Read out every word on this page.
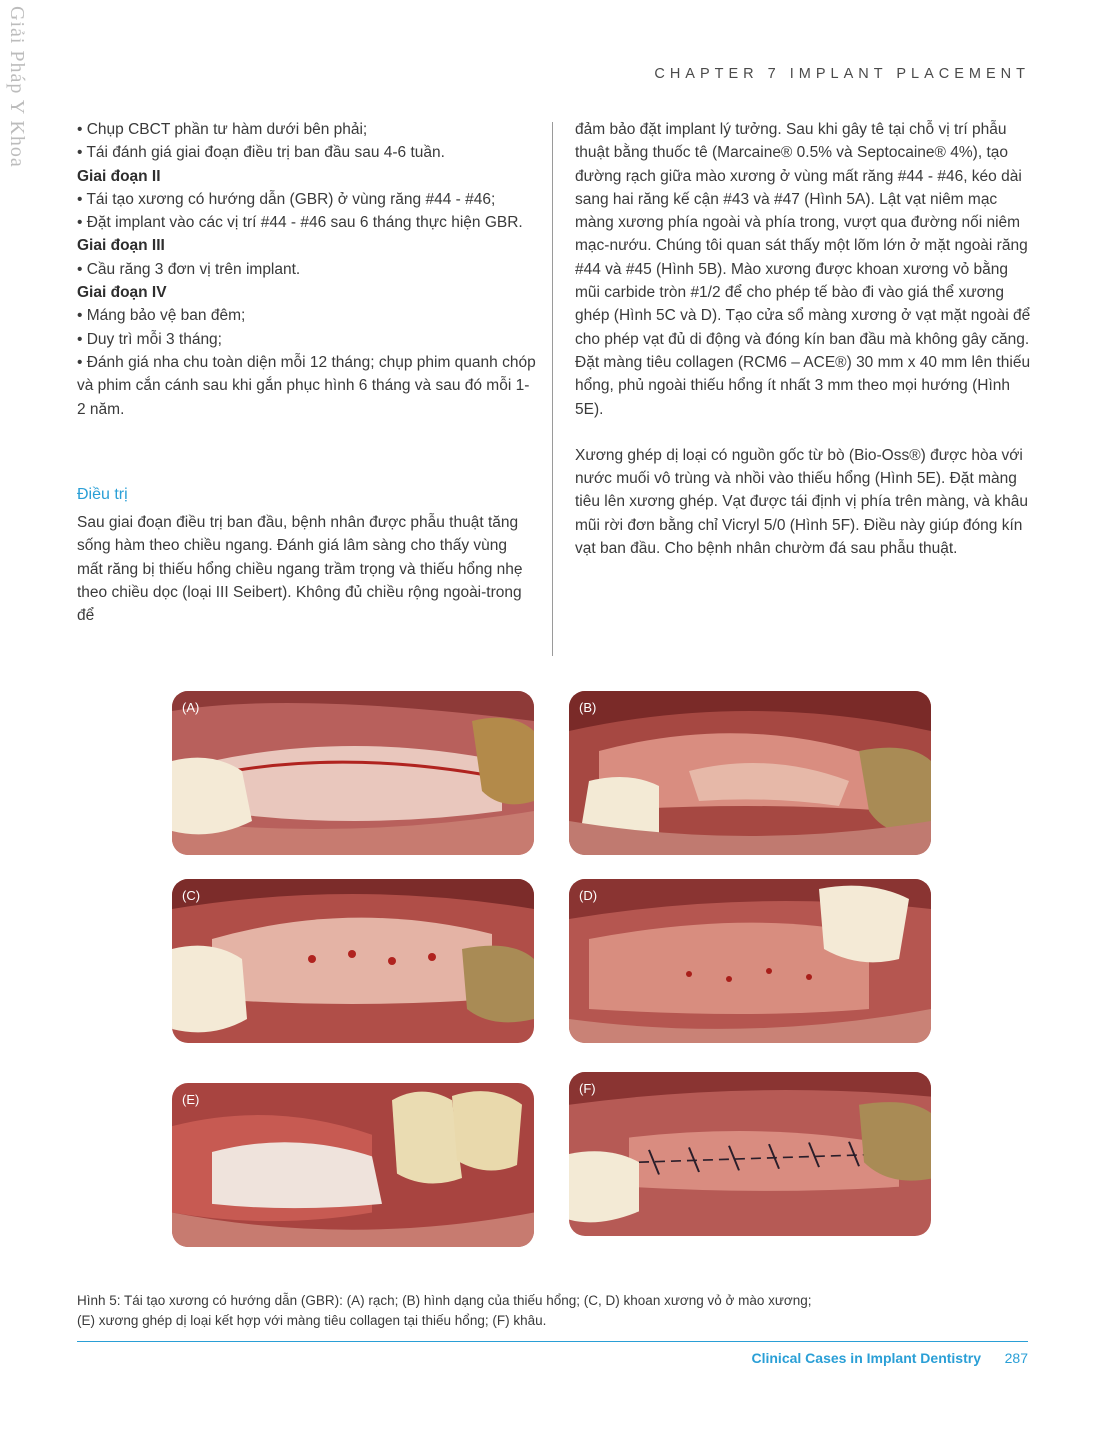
Giải Pháp Y Khoa	CHAPTER 7 IMPLANT PLACEMENT

• Chụp CBCT phần tư hàm dưới bên phải;

• Tái đánh giá giai đoạn điều trị ban đầu sau 4-6 tuần.

Giai đoạn II

• Tái tạo xương có hướng dẫn (GBR) ở vùng răng #44 - #46;

• Đặt implant vào các vị trí #44 - #46 sau 6 tháng thực hiện GBR.

Giai đoạn III

• Cầu răng 3 đơn vị trên implant.

Giai đoạn IV

• Máng bảo vệ ban đêm;

• Duy trì mỗi 3 tháng;

• Đánh giá nha chu toàn diện mỗi 12 tháng; chụp phim quanh chóp và phim cắn cánh sau khi gắn phục hình 6 tháng và sau đó mỗi 1-2 năm.

Điều trị

Sau giai đoạn điều trị ban đầu, bệnh nhân được phẫu thuật tăng sống hàm theo chiều ngang. Đánh giá lâm sàng cho thấy vùng mất răng bị thiếu hổng chiều ngang trầm trọng và thiếu hổng nhẹ theo chiều dọc (loại III Seibert). Không đủ chiều rộng ngoài-trong để

đảm bảo đặt implant lý tưởng. Sau khi gây tê tại chỗ vị trí phẫu thuật bằng thuốc tê (Marcaine® 0.5% và Septocaine® 4%), tạo đường rạch giữa mào xương ở vùng mất răng #44 - #46, kéo dài sang hai răng kế cận #43 và #47 (Hình 5A). Lật vạt niêm mạc màng xương phía ngoài và phía trong, vượt qua đường nối niêm mạc-nướu. Chúng tôi quan sát thấy một lõm lớn ở mặt ngoài răng #44 và #45 (Hình 5B). Mào xương được khoan xương vỏ bằng mũi carbide tròn #1/2 để cho phép tế bào đi vào giá thể xương ghép (Hình 5C và D). Tạo cửa sổ màng xương ở vạt mặt ngoài để cho phép vạt đủ di động và đóng kín ban đầu mà không gây căng. Đặt màng tiêu collagen (RCM6 – ACE®) 30 mm x 40 mm lên thiếu hổng, phủ ngoài thiếu hổng ít nhất 3 mm theo mọi hướng (Hình 5E).

Xương ghép dị loại có nguồn gốc từ bò (Bio-Oss®) được hòa với nước muối vô trùng và nhồi vào thiếu hổng (Hình 5E). Đặt màng tiêu lên xương ghép. Vạt được tái định vị phía trên màng, và khâu mũi rời đơn bằng chỉ Vicryl 5/0 (Hình 5F). Điều này giúp đóng kín vạt ban đầu. Cho bệnh nhân chườm đá sau phẫu thuật.

(A)	(B)
(C)	(D)
(E)
(F)

Hình 5: Tái tạo xương có hướng dẫn (GBR): (A) rạch; (B) hình dạng của thiếu hổng; (C, D) khoan xương vỏ ở mào xương;

(E) xương ghép dị loại kết hợp với màng tiêu collagen tại thiếu hổng; (F) khâu.

Clinical Cases in Implant Dentistry 287
